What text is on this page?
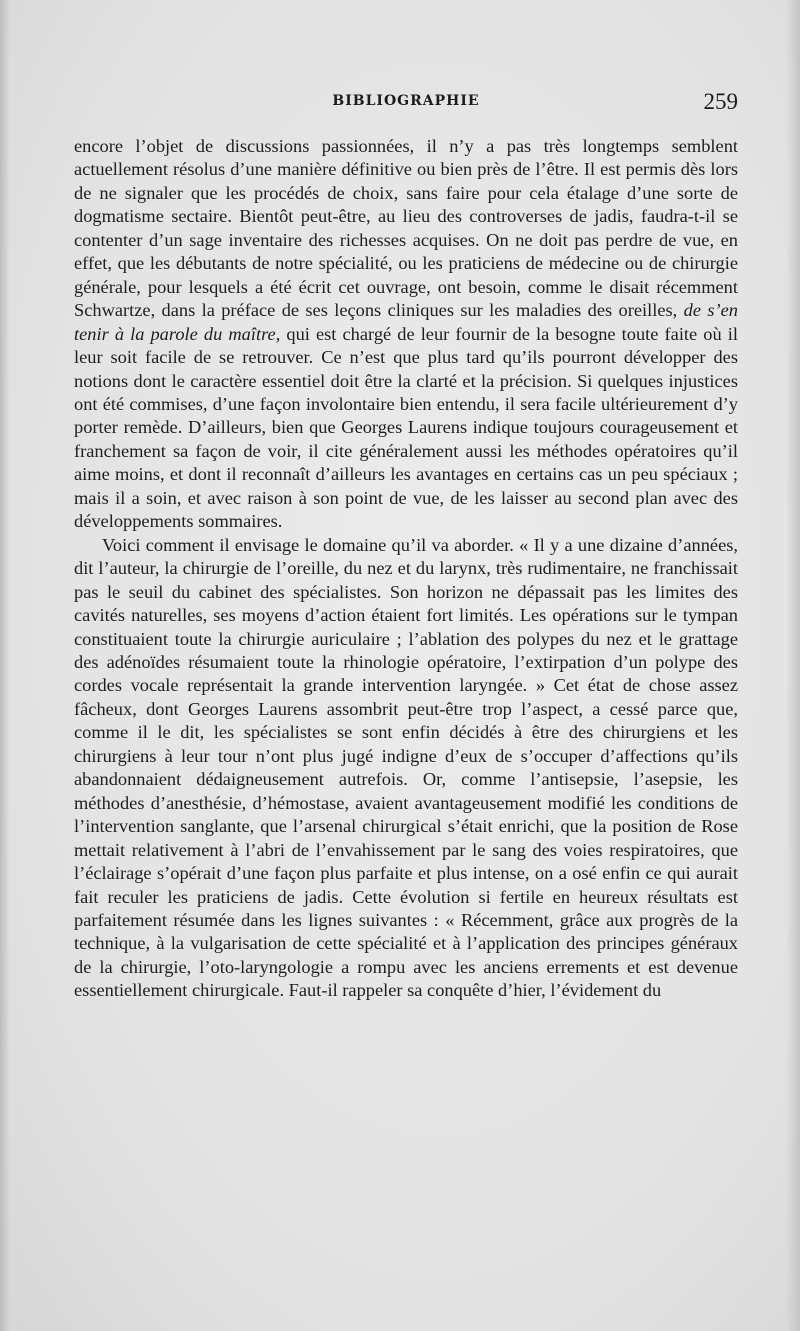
BIBLIOGRAPHIE	259

encore l’objet de discussions passionnées, il n’y a pas très longtemps semblent actuellement résolus d’une manière définitive ou bien près de l’être. Il est permis dès lors de ne signaler que les procédés de choix, sans faire pour cela étalage d’une sorte de dogmatisme sectaire. Bientôt peut-être, au lieu des controverses de jadis, faudra-t-il se contenter d’un sage inventaire des richesses acquises. On ne doit pas perdre de vue, en effet, que les débutants de notre spécialité, ou les praticiens de médecine ou de chirurgie générale, pour lesquels a été écrit cet ouvrage, ont besoin, comme le disait récemment Schwartze, dans la préface de ses leçons cliniques sur les maladies des oreilles, de s’en tenir à la parole du maître, qui est chargé de leur fournir de la besogne toute faite où il leur soit facile de se retrouver. Ce n’est que plus tard qu’ils pourront développer des notions dont le caractère essentiel doit être la clarté et la précision. Si quelques injustices ont été commises, d’une façon involontaire bien entendu, il sera facile ultérieurement d’y porter remède. D’ailleurs, bien que Georges Laurens indique toujours courageusement et franchement sa façon de voir, il cite généralement aussi les méthodes opératoires qu’il aime moins, et dont il reconnaît d’ailleurs les avantages en certains cas un peu spéciaux ; mais il a soin, et avec raison à son point de vue, de les laisser au second plan avec des développements sommaires.

Voici comment il envisage le domaine qu’il va aborder. « Il y a une dizaine d’années, dit l’auteur, la chirurgie de l’oreille, du nez et du larynx, très rudimentaire, ne franchissait pas le seuil du cabinet des spécialistes. Son horizon ne dépassait pas les limites des cavités naturelles, ses moyens d’action étaient fort limités. Les opérations sur le tympan constituaient toute la chirurgie auriculaire ; l’ablation des polypes du nez et le grattage des adénoïdes résumaient toute la rhinologie opératoire, l’extirpation d’un polype des cordes vocale représentait la grande intervention laryngée. » Cet état de chose assez fâcheux, dont Georges Laurens assombrit peut-être trop l’aspect, a cessé parce que, comme il le dit, les spécialistes se sont enfin décidés à être des chirurgiens et les chirurgiens à leur tour n’ont plus jugé indigne d’eux de s’occuper d’affections qu’ils abandonnaient dédaigneusement autrefois. Or, comme l’antisepsie, l’asepsie, les méthodes d’anesthésie, d’hémostase, avaient avantageusement modifié les conditions de l’intervention sanglante, que l’arsenal chirurgical s’était enrichi, que la position de Rose mettait relativement à l’abri de l’envahissement par le sang des voies respiratoires, que l’éclairage s’opérait d’une façon plus parfaite et plus intense, on a osé enfin ce qui aurait fait reculer les praticiens de jadis. Cette évolution si fertile en heureux résultats est parfaitement résumée dans les lignes suivantes : « Récemment, grâce aux progrès de la technique, à la vulgarisation de cette spécialité et à l’application des principes généraux de la chirurgie, l’oto-laryngologie a rompu avec les anciens errements et est devenue essentiellement chirurgicale. Faut-il rappeler sa conquête d’hier, l’évidement du
